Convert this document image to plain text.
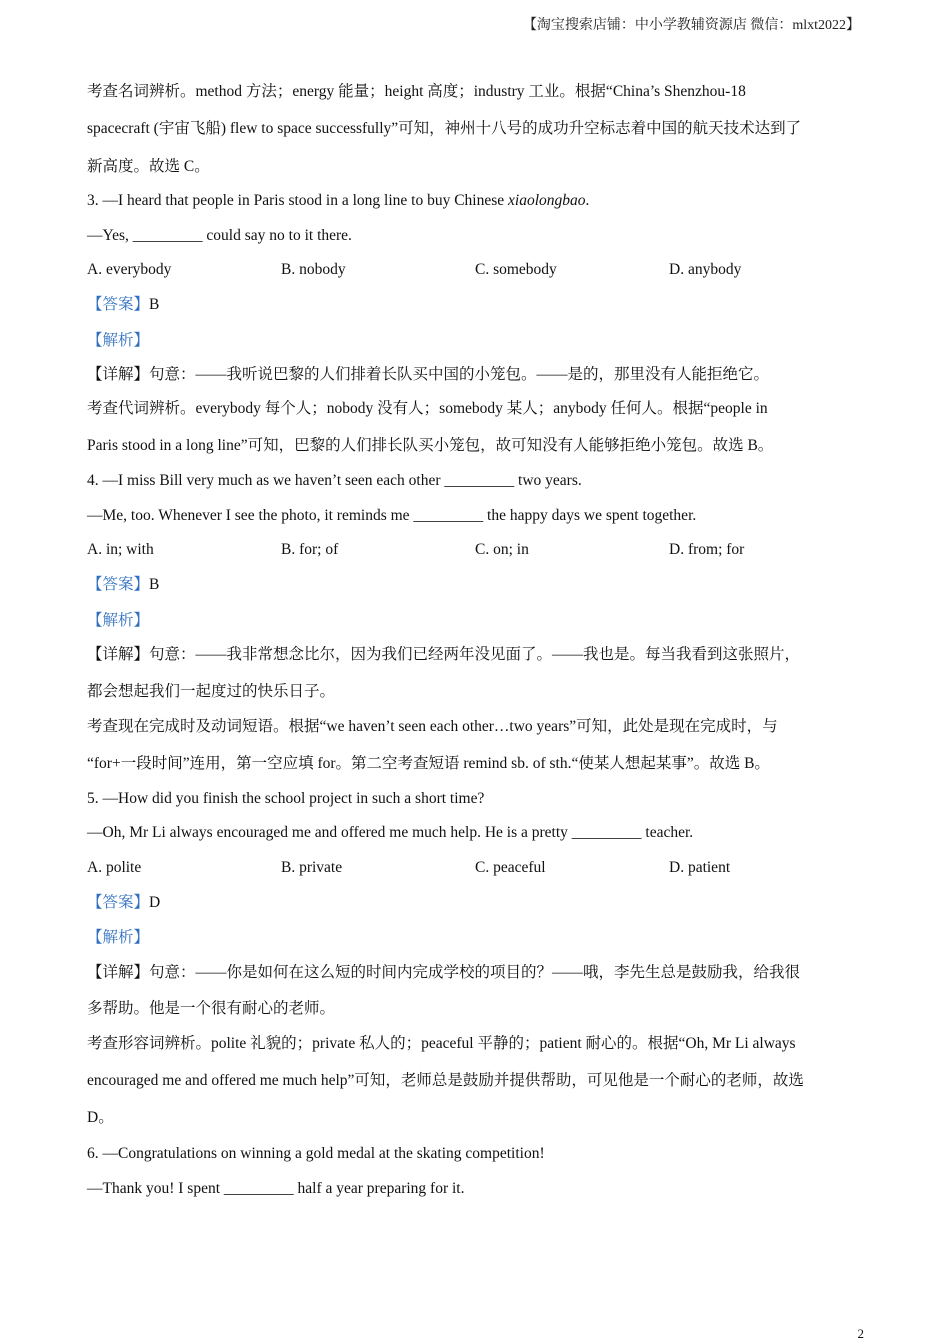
【淘宝搜索店铺：中小学教辅资源店 微信：mlxt2022】
考查名词辨析。method 方法；energy 能量；height 高度；industry 工业。根据“China’s Shenzhou-18
spacecraft (宇宙飞船) flew to space successfully”可知，神州十八号的成功升空标志着中国的航天技术达到了
新高度。故选 C。
3. —I heard that people in Paris stood in a long line to buy Chinese xiaolongbao.
—Yes, _________ could say no to it there.
A. everybody	B. nobody	C. somebody	D. anybody
【答案】B
【解析】
【详解】句意：——我听说巴黎的人们排着长队买中国的小笼包。——是的，那里没有人能拒绝它。
考查代词辨析。everybody 每个人；nobody 没有人；somebody 某人；anybody 任何人。根据“people in
Paris stood in a long line”可知，巴黎的人们排长队买小笼包，故可知没有人能够拒绝小笼包。故选 B。
4. —I miss Bill very much as we haven’t seen each other _________ two years.
—Me, too. Whenever I see the photo, it reminds me _________ the happy days we spent together.
A. in; with	B. for; of	C. on; in	D. from; for
【答案】B
【解析】
【详解】句意：——我非常想念比尔，因为我们已经两年没见面了。——我也是。每当我看到这张照片，
都会想起我们一起度过的快乐日子。
考查现在完成时及动词短语。根据“we haven’t seen each other…two years”可知，此处是现在完成时，与
“for+一段时间”连用，第一空应填 for。第二空考查短语 remind sb. of sth.“使某人想起某事”。故选 B。
5. —How did you finish the school project in such a short time?
—Oh, Mr Li always encouraged me and offered me much help. He is a pretty _________ teacher.
A. polite	B. private	C. peaceful	D. patient
【答案】D
【解析】
【详解】句意：——你是如何在这么短的时间内完成学校的项目的？——哦，李先生总是鼓励我，给我很
多帮助。他是一个很有耐心的老师。
考查形容词辨析。polite 礼貌的；private 私人的；peaceful 平静的；patient 耐心的。根据“Oh, Mr Li always
encouraged me and offered me much help”可知，老师总是鼓励并提供帮助，可见他是一个耐心的老师，故选
D。
6. —Congratulations on winning a gold medal at the skating competition!
—Thank you! I spent _________ half a year preparing for it.
2
